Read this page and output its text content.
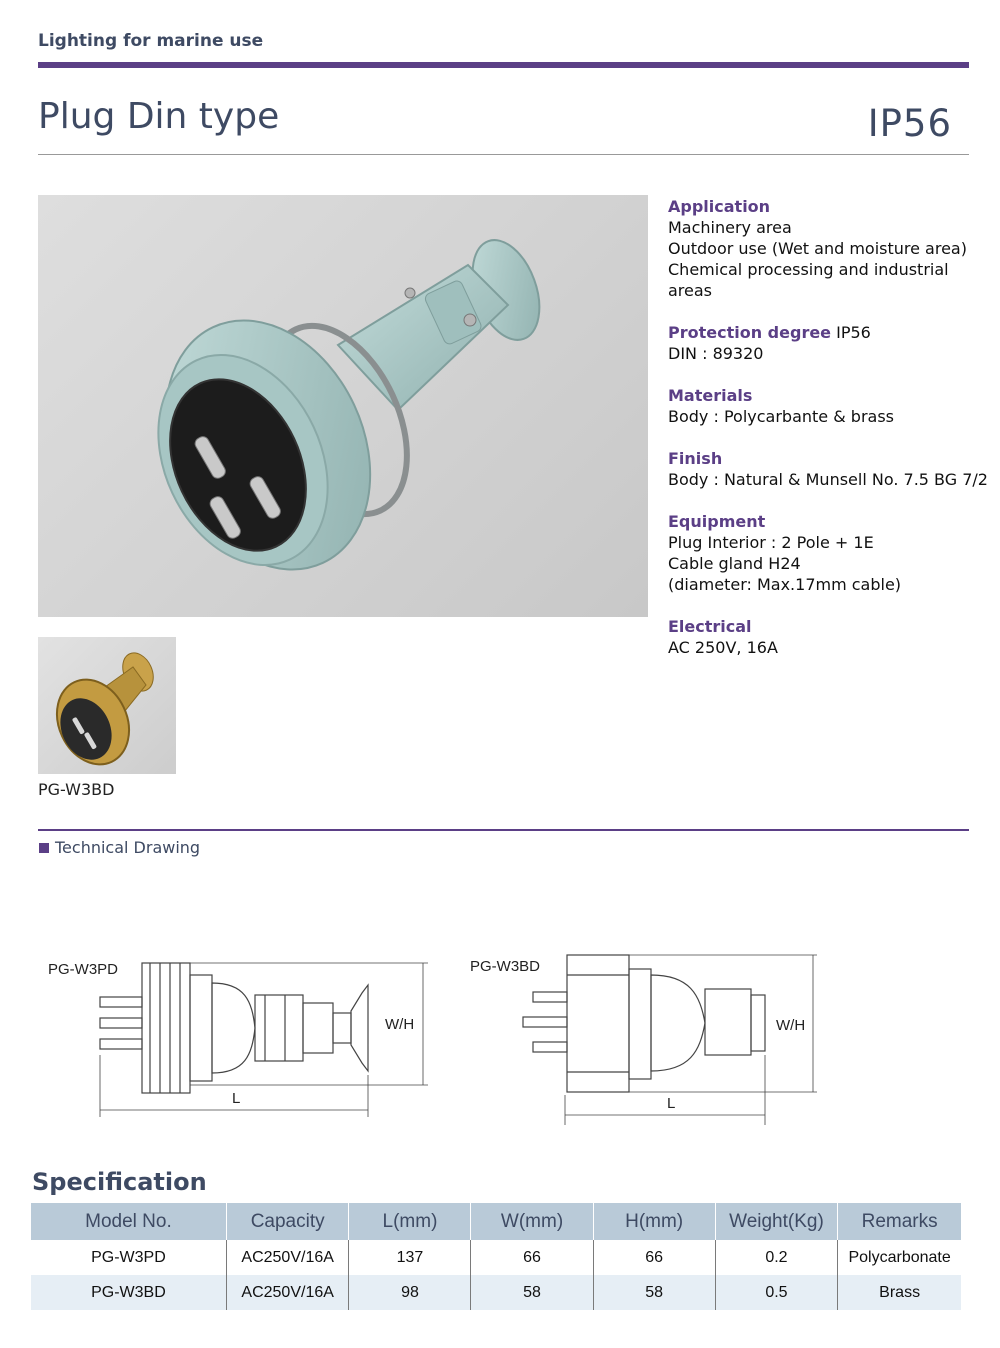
Lighting for marine use
Plug Din type	IP56
PG-W3BD
Application
Machinery area
Outdoor use (Wet and moisture area)
Chemical processing and industrial areas
Protection degree IP56
DIN : 89320
Materials
Body : Polycarbante & brass
Finish
Body : Natural & Munsell No. 7.5 BG 7/2
Equipment
Plug Interior : 2 Pole + 1E
Cable gland H24
(diameter: Max.17mm cable)
Electrical
AC 250V, 16A
Technical Drawing
PG-W3PD
W/H
L
PG-W3BD
W/H
L
Specification
Model No.	Capacity	L(mm)	W(mm)	H(mm)	Weight(Kg)	Remarks
PG-W3PD	AC250V/16A	137	66	66	0.2	Polycarbonate
PG-W3BD	AC250V/16A	98	58	58	0.5	Brass
